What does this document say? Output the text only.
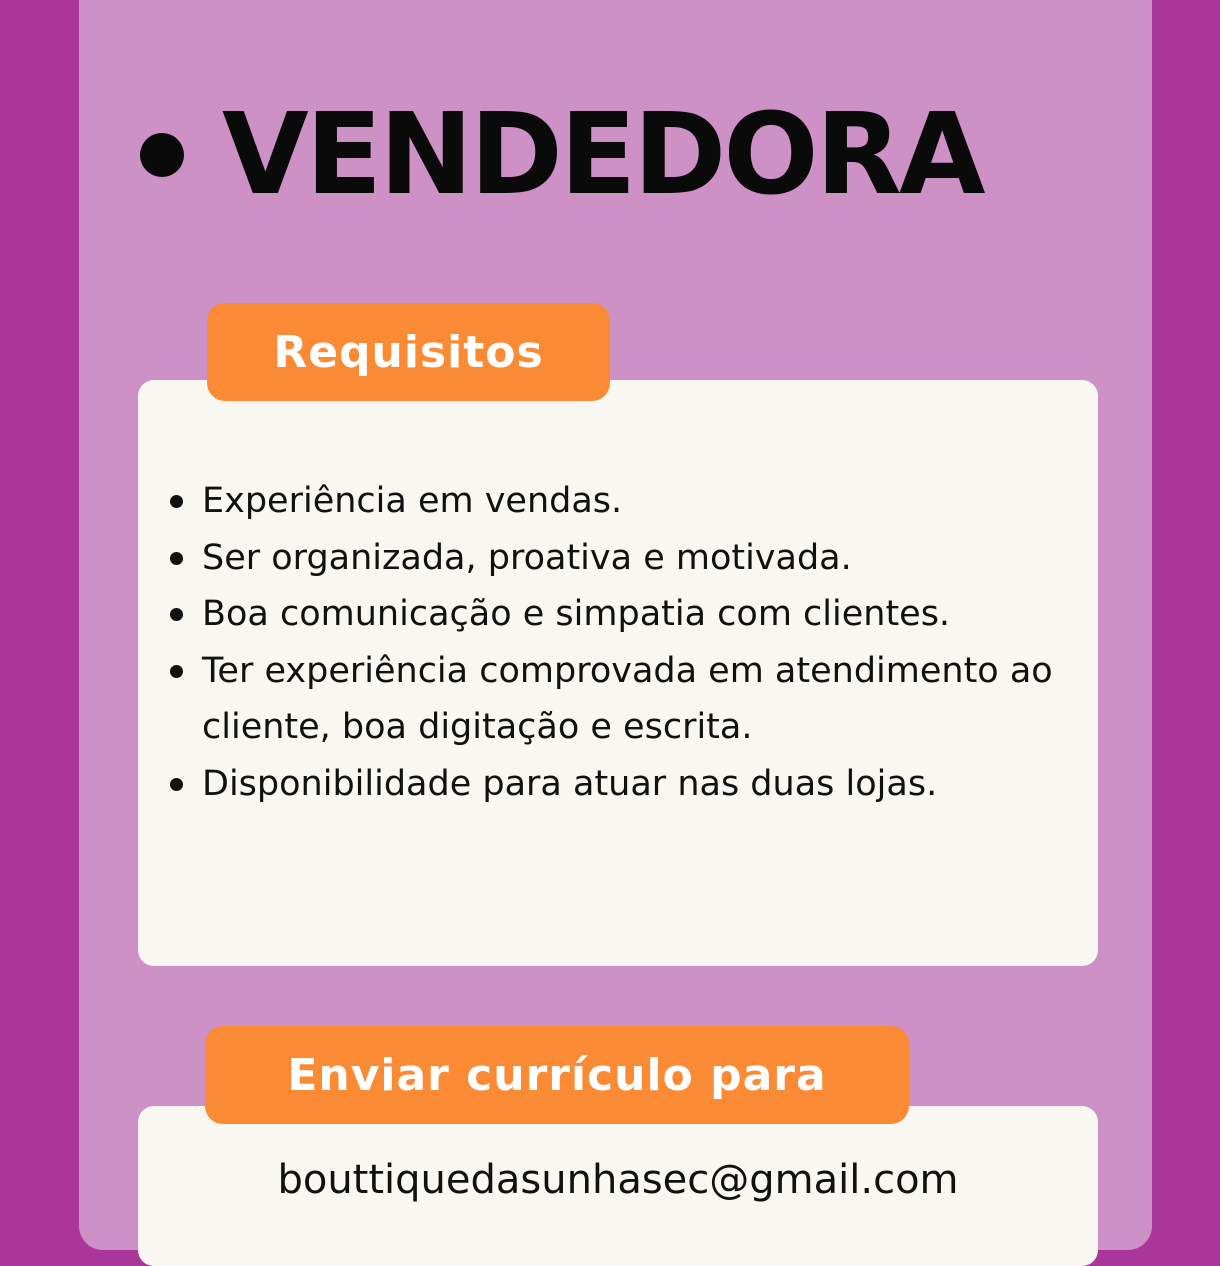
VENDEDORA
Requisitos
Experiência em vendas.
Ser organizada, proativa e motivada.
Boa comunicação e simpatia com clientes.
Ter experiência comprovada em atendimento ao cliente, boa digitação e escrita.
Disponibilidade para atuar nas duas lojas.
Enviar currículo para
bouttiquedasunhasec@gmail.com
